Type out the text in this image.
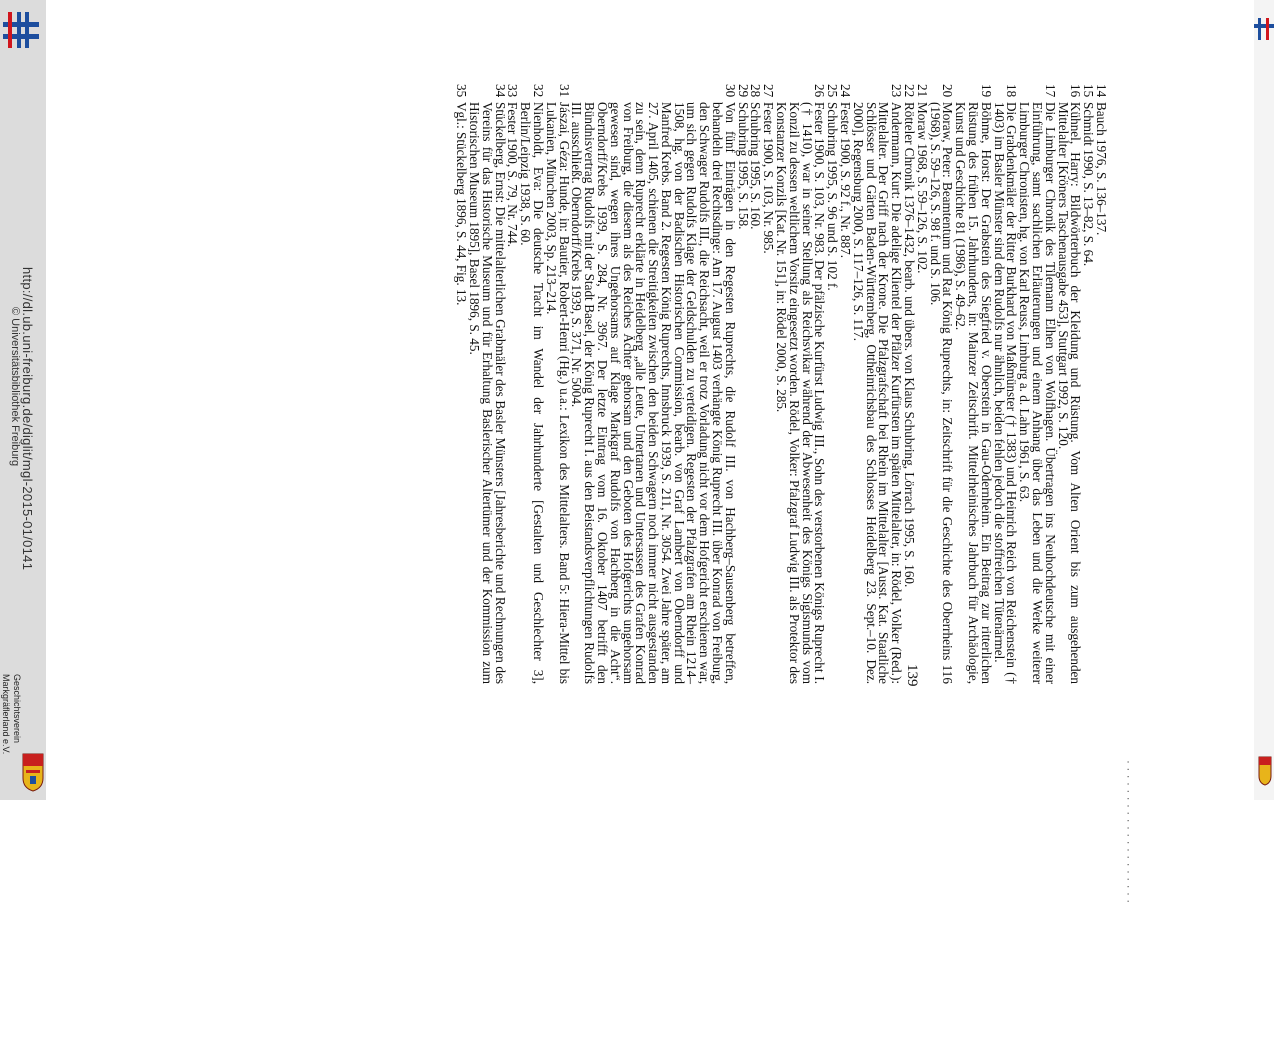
http://dl.ub.uni-freiburg.de/diglit/mgl-2015-01/0141
© Universitätsbibliothek Freiburg
Geschichtsverein
Markgräflerland e.V.
· · · · · · · · · · · · · · · · · · · ·
14
Bauch 1976, S. 136–137.
15
Schmidt 1990, S. 13–82, S. 64.
16
Kühnel, Harry: Bildwörterbuch der Kleidung und Rüstung. Vom Alten Orient bis zum ausgehenden Mittelalter [Kröners Taschenausgabe 453], Stuttgart 1992, S. 120.
17
Die Limburger Chronik des Tilemann Elhen von Wolfhagen. Übertragen ins Neuhochdeutsche mit einer Einführung, samt sachlichen Erläuterungen und einem Anhang über das Leben und die Werke weiterer Limburger Chronisten, hg. von Karl Reuss, Limburg a. d. Lahn 1961, S. 63.
18
Die Grabdenkmäler der Ritter Burkhard von Maßmünster († 1383) und Heinrich Reich von Reichenstein († 1403) im Basler Münster sind dem Rudolfs nur ähnlich, beiden fehlen jedoch die stoffreichen Tütenärmel.
19
Böhme, Horst: Der Grabstein des Siegfried v. Oberstein in Gau-Odernheim. Ein Beitrag zur ritterlichen Rüstung des frühen 15. Jahrhunderts, in: Mainzer Zeitschrift. Mittelrheinisches Jahrbuch für Archäologie, Kunst und Geschichte 81 (1986), S. 49–62.
20
Moraw, Peter: Beamtentum und Rat König Ruprechts, in: Zeitschrift für die Geschichte des Oberrheins 116 (1968), S. 59–126, S. 98 f. und S. 106.
21
Moraw 1968, S. 59–126, S. 102.
22
Rötteler Chronik 1376–1432, bearb. und übers. von Klaus Schubring, Lörrach 1995, S. 160.
23
Andermann, Kurt: Die adelige Klientel der Pfälzer Kurfürsten im späten Mittelalter, in: Rödel, Volker (Red.): Mittelalter. Der Griff nach der Krone. Die Pfalzgrafschaft bei Rhein im Mittelalter [Ausst. Kat. Staatliche Schlösser und Gärten Baden-Württemberg, Ottheinrichsbau des Schlosses Heidelberg 23. Sept.–10. Dez. 2000], Regensburg 2000, S. 117–126, S. 117.
24
Fester 1900, S. 92 f., Nr. 887.
25
Schubring 1995, S. 96 und S. 102 f.
26
Fester 1900, S. 103, Nr. 983. Der pfälzische Kurfürst Ludwig III., Sohn des verstorbenen Königs Ruprecht I. († 1410), war in seiner Stellung als Reichsvikar während der Abwesenheit des Königs Sigismunds vom Konzil zu dessen weltlichem Vorsitz eingesetzt worden. Rödel, Volker: Pfalzgraf Ludwig III. als Protektor des Konstanzer Konzils [Kat. Nr. 151], in: Rödel 2000, S. 285.
27
Fester 1900, S. 103, Nr. 985.
28
Schubring 1995, S. 160.
29
Schubring 1995, S. 158.
30
Von fünf Einträgen in den Regesten Ruprechts, die Rudolf III. von Hachberg–Sausenberg betreffen, behandeln drei Rechtsdinge: Am 17. August 1403 verhängte König Ruprecht III. über Konrad von Freiburg, den Schwager Rudolfs III., die Reichsacht, weil er trotz Vorladung nicht vor dem Hofgericht erschienen war, um sich gegen Rudolfs Klage der Geldschulden zu verteidigen. Regesten der Pfalzgrafen am Rhein 1214–1508, hg. von der Badischen Historischen Commission, bearb. von Graf Lambert von Oberndorff und Manfred Krebs. Band 2. Regesten König Ruprechts, Innsbruck 1939, S. 211, Nr. 3054. Zwei Jahre später, am 27. April 1405, schienen die Streitigkeiten zwischen den beiden Schwagern noch immer nicht ausgestanden zu sein, denn Ruprecht erklärte in Heidelberg „alle Leute, Untertanen und Untersassen des Grafen Konrad von Freiburg, die diesem als des Reiches Ächter gehorsam und den Geboten des Hofgerichts ungehorsam gewesen sind, wegen ihres Ungehorsams auf Klage Markgraf Rudolfs von Hachberg in die Acht“. Oberndorff/Krebs 1939, S. 284, Nr. 3967. Der letzte Eintrag vom 16. Oktober 1407 betrifft den Bündnisvertrag Rudolfs mit der Stadt Basel, der König Ruprecht I. aus den Beistandsverpflichtungen Rudolfs III. ausschließt. Oberndorff/Krebs 1939, S. 371, Nr. 5004.
31
Jászai, Géza: Hunde, in: Bautier, Robert-Henri (Hg.) u.a.: Lexikon des Mittelalters. Band 5: Hiera-Mittel bis Lukanien, München 2003, Sp. 213–214.
32
Nienholdt, Eva: Die deutsche Tracht im Wandel der Jahrhunderte [Gestalten und Geschlechter 3], Berlin/Leipzig 1938, S. 60.
33
Fester 1900, S. 79, Nr. 744.
34
Stückelberg, Ernst: Die mittelalterlichen Grabmäler des Basler Münsters [Jahresberichte und Rechnungen des Vereins für das Historische Museum und für Erhaltung Baslerischer Altertümer und der Kommission zum Historischen Museum 1895], Basel 1896, S. 45.
35
Vgl.: Stückelberg 1896, S. 44, Fig. 13.
139
